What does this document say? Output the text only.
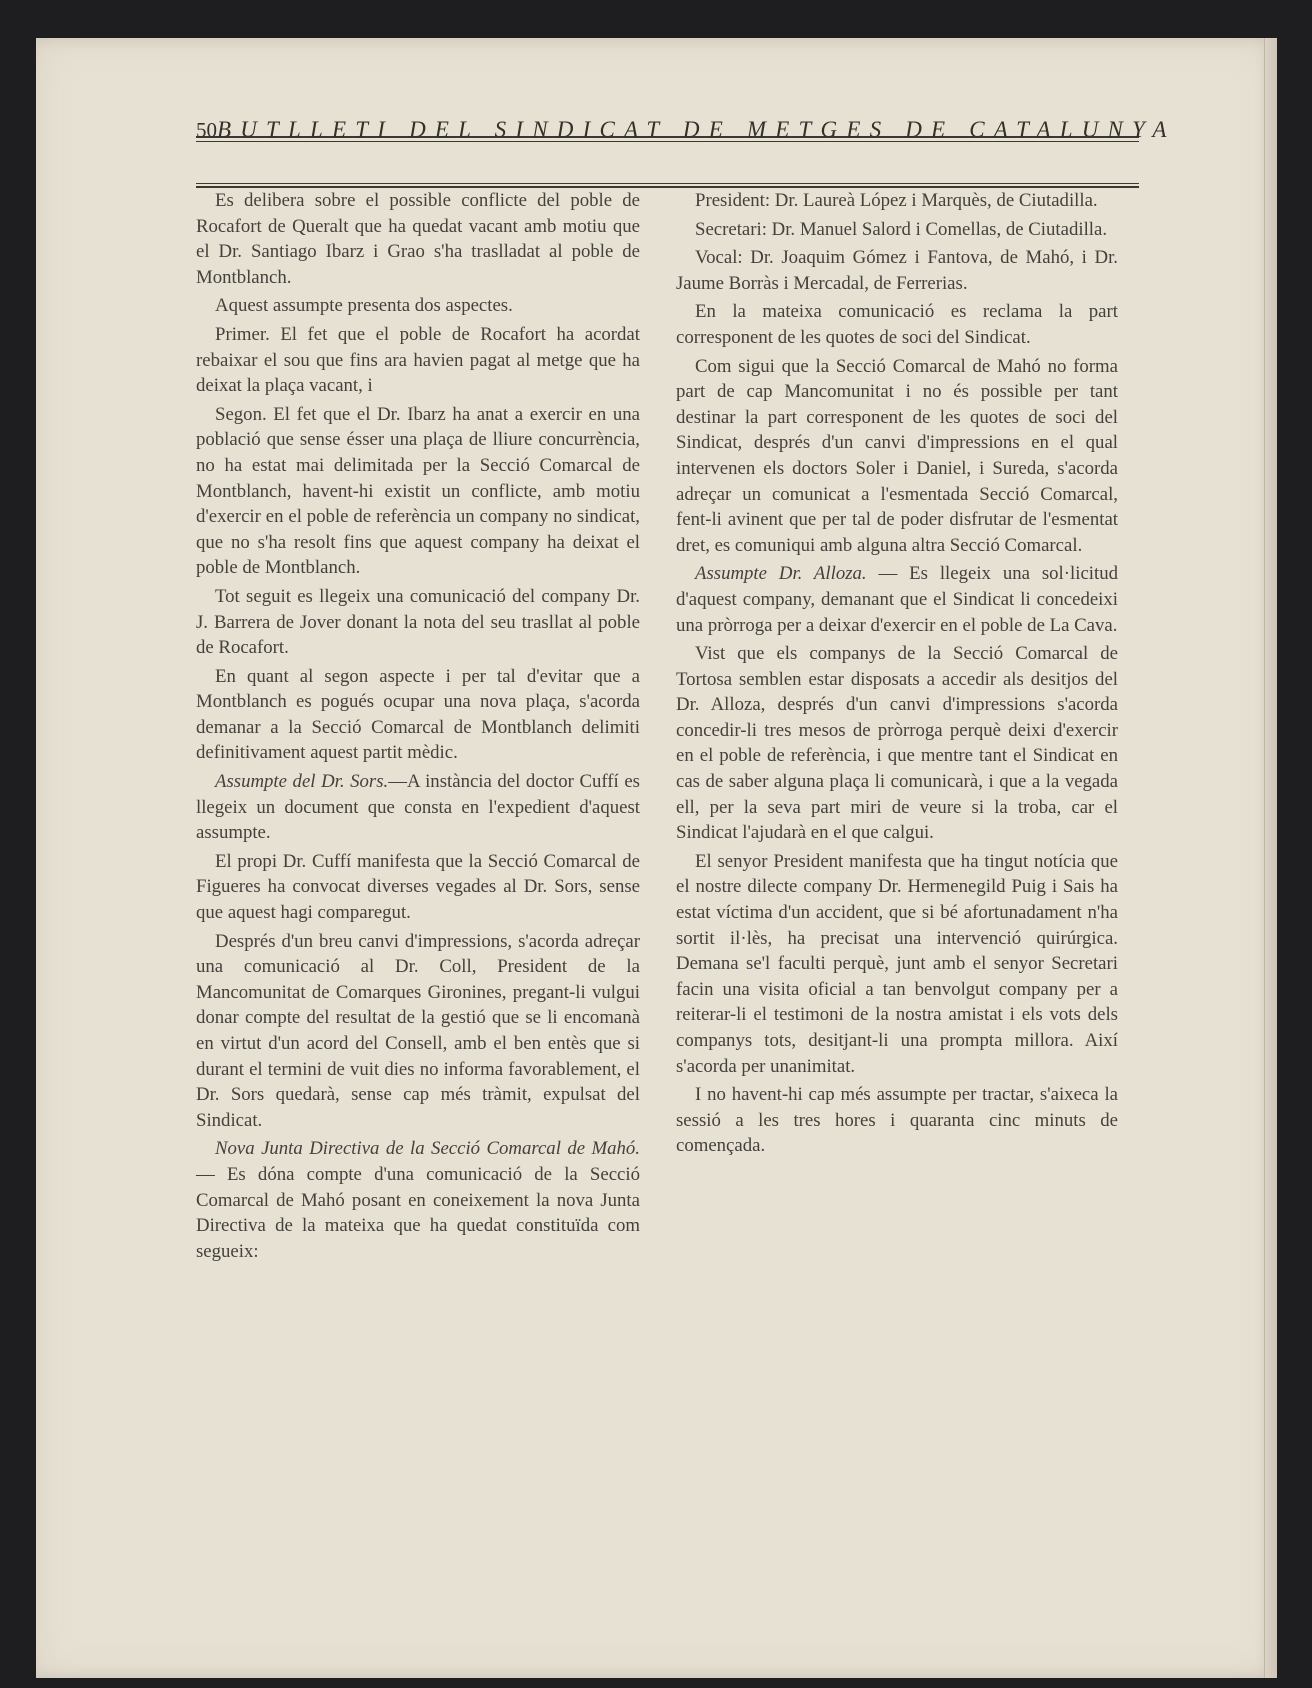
50 BUTLLETI DEL SINDICAT DE METGES DE CATALUNYA

Es delibera sobre el possible conflicte del poble de Rocafort de Queralt que ha quedat vacant amb motiu que el Dr. Santiago Ibarz i Grao s'ha traslladat al poble de Montblanch.

Aquest assumpte presenta dos aspectes.

Primer. El fet que el poble de Rocafort ha acordat rebaixar el sou que fins ara havien pagat al metge que ha deixat la plaça vacant, i

Segon. El fet que el Dr. Ibarz ha anat a exercir en una població que sense ésser una plaça de lliure concurrència, no ha estat mai delimitada per la Secció Comarcal de Montblanch, havent-hi existit un conflicte, amb motiu d'exercir en el poble de referència un company no sindicat, que no s'ha resolt fins que aquest company ha deixat el poble de Montblanch.

Tot seguit es llegeix una comunicació del company Dr. J. Barrera de Jover donant la nota del seu trasllat al poble de Rocafort.

En quant al segon aspecte i per tal d'evitar que a Montblanch es pogués ocupar una nova plaça, s'acorda demanar a la Secció Comarcal de Montblanch delimiti definitivament aquest partit mèdic.

Assumpte del Dr. Sors.—A instància del doctor Cuffí es llegeix un document que consta en l'expedient d'aquest assumpte.

El propi Dr. Cuffí manifesta que la Secció Comarcal de Figueres ha convocat diverses vegades al Dr. Sors, sense que aquest hagi comparegut.

Després d'un breu canvi d'impressions, s'acorda adreçar una comunicació al Dr. Coll, President de la Mancomunitat de Comarques Gironines, pregant-li vulgui donar compte del resultat de la gestió que se li encomanà en virtut d'un acord del Consell, amb el ben entès que si durant el termini de vuit dies no informa favorablement, el Dr. Sors quedarà, sense cap més tràmit, expulsat del Sindicat.

Nova Junta Directiva de la Secció Comarcal de Mahó. — Es dóna compte d'una comunicació de la Secció Comarcal de Mahó posant en coneixement la nova Junta Directiva de la mateixa que ha quedat constituïda com segueix:

President: Dr. Laureà López i Marquès, de Ciutadilla.

Secretari: Dr. Manuel Salord i Comellas, de Ciutadilla.

Vocal: Dr. Joaquim Gómez i Fantova, de Mahó, i Dr. Jaume Borràs i Mercadal, de Ferrerias.

En la mateixa comunicació es reclama la part corresponent de les quotes de soci del Sindicat.

Com sigui que la Secció Comarcal de Mahó no forma part de cap Mancomunitat i no és possible per tant destinar la part corresponent de les quotes de soci del Sindicat, després d'un canvi d'impressions en el qual intervenen els doctors Soler i Daniel, i Sureda, s'acorda adreçar un comunicat a l'esmentada Secció Comarcal, fent-li avinent que per tal de poder disfrutar de l'esmentat dret, es comuniqui amb alguna altra Secció Comarcal.

Assumpte Dr. Alloza. — Es llegeix una sol·licitud d'aquest company, demanant que el Sindicat li concedeixi una pròrroga per a deixar d'exercir en el poble de La Cava.

Vist que els companys de la Secció Comarcal de Tortosa semblen estar disposats a accedir als desitjos del Dr. Alloza, després d'un canvi d'impressions s'acorda concedir-li tres mesos de pròrroga perquè deixi d'exercir en el poble de referència, i que mentre tant el Sindicat en cas de saber alguna plaça li comunicarà, i que a la vegada ell, per la seva part miri de veure si la troba, car el Sindicat l'ajudarà en el que calgui.

El senyor President manifesta que ha tingut notícia que el nostre dilecte company Dr. Hermenegild Puig i Sais ha estat víctima d'un accident, que si bé afortunadament n'ha sortit il·lès, ha precisat una intervenció quirúrgica. Demana se'l faculti perquè, junt amb el senyor Secretari facin una visita oficial a tan benvolgut company per a reiterar-li el testimoni de la nostra amistat i els vots dels companys tots, desitjant-li una prompta millora. Així s'acorda per unanimitat.

I no havent-hi cap més assumpte per tractar, s'aixeca la sessió a les tres hores i quaranta cinc minuts de començada.
